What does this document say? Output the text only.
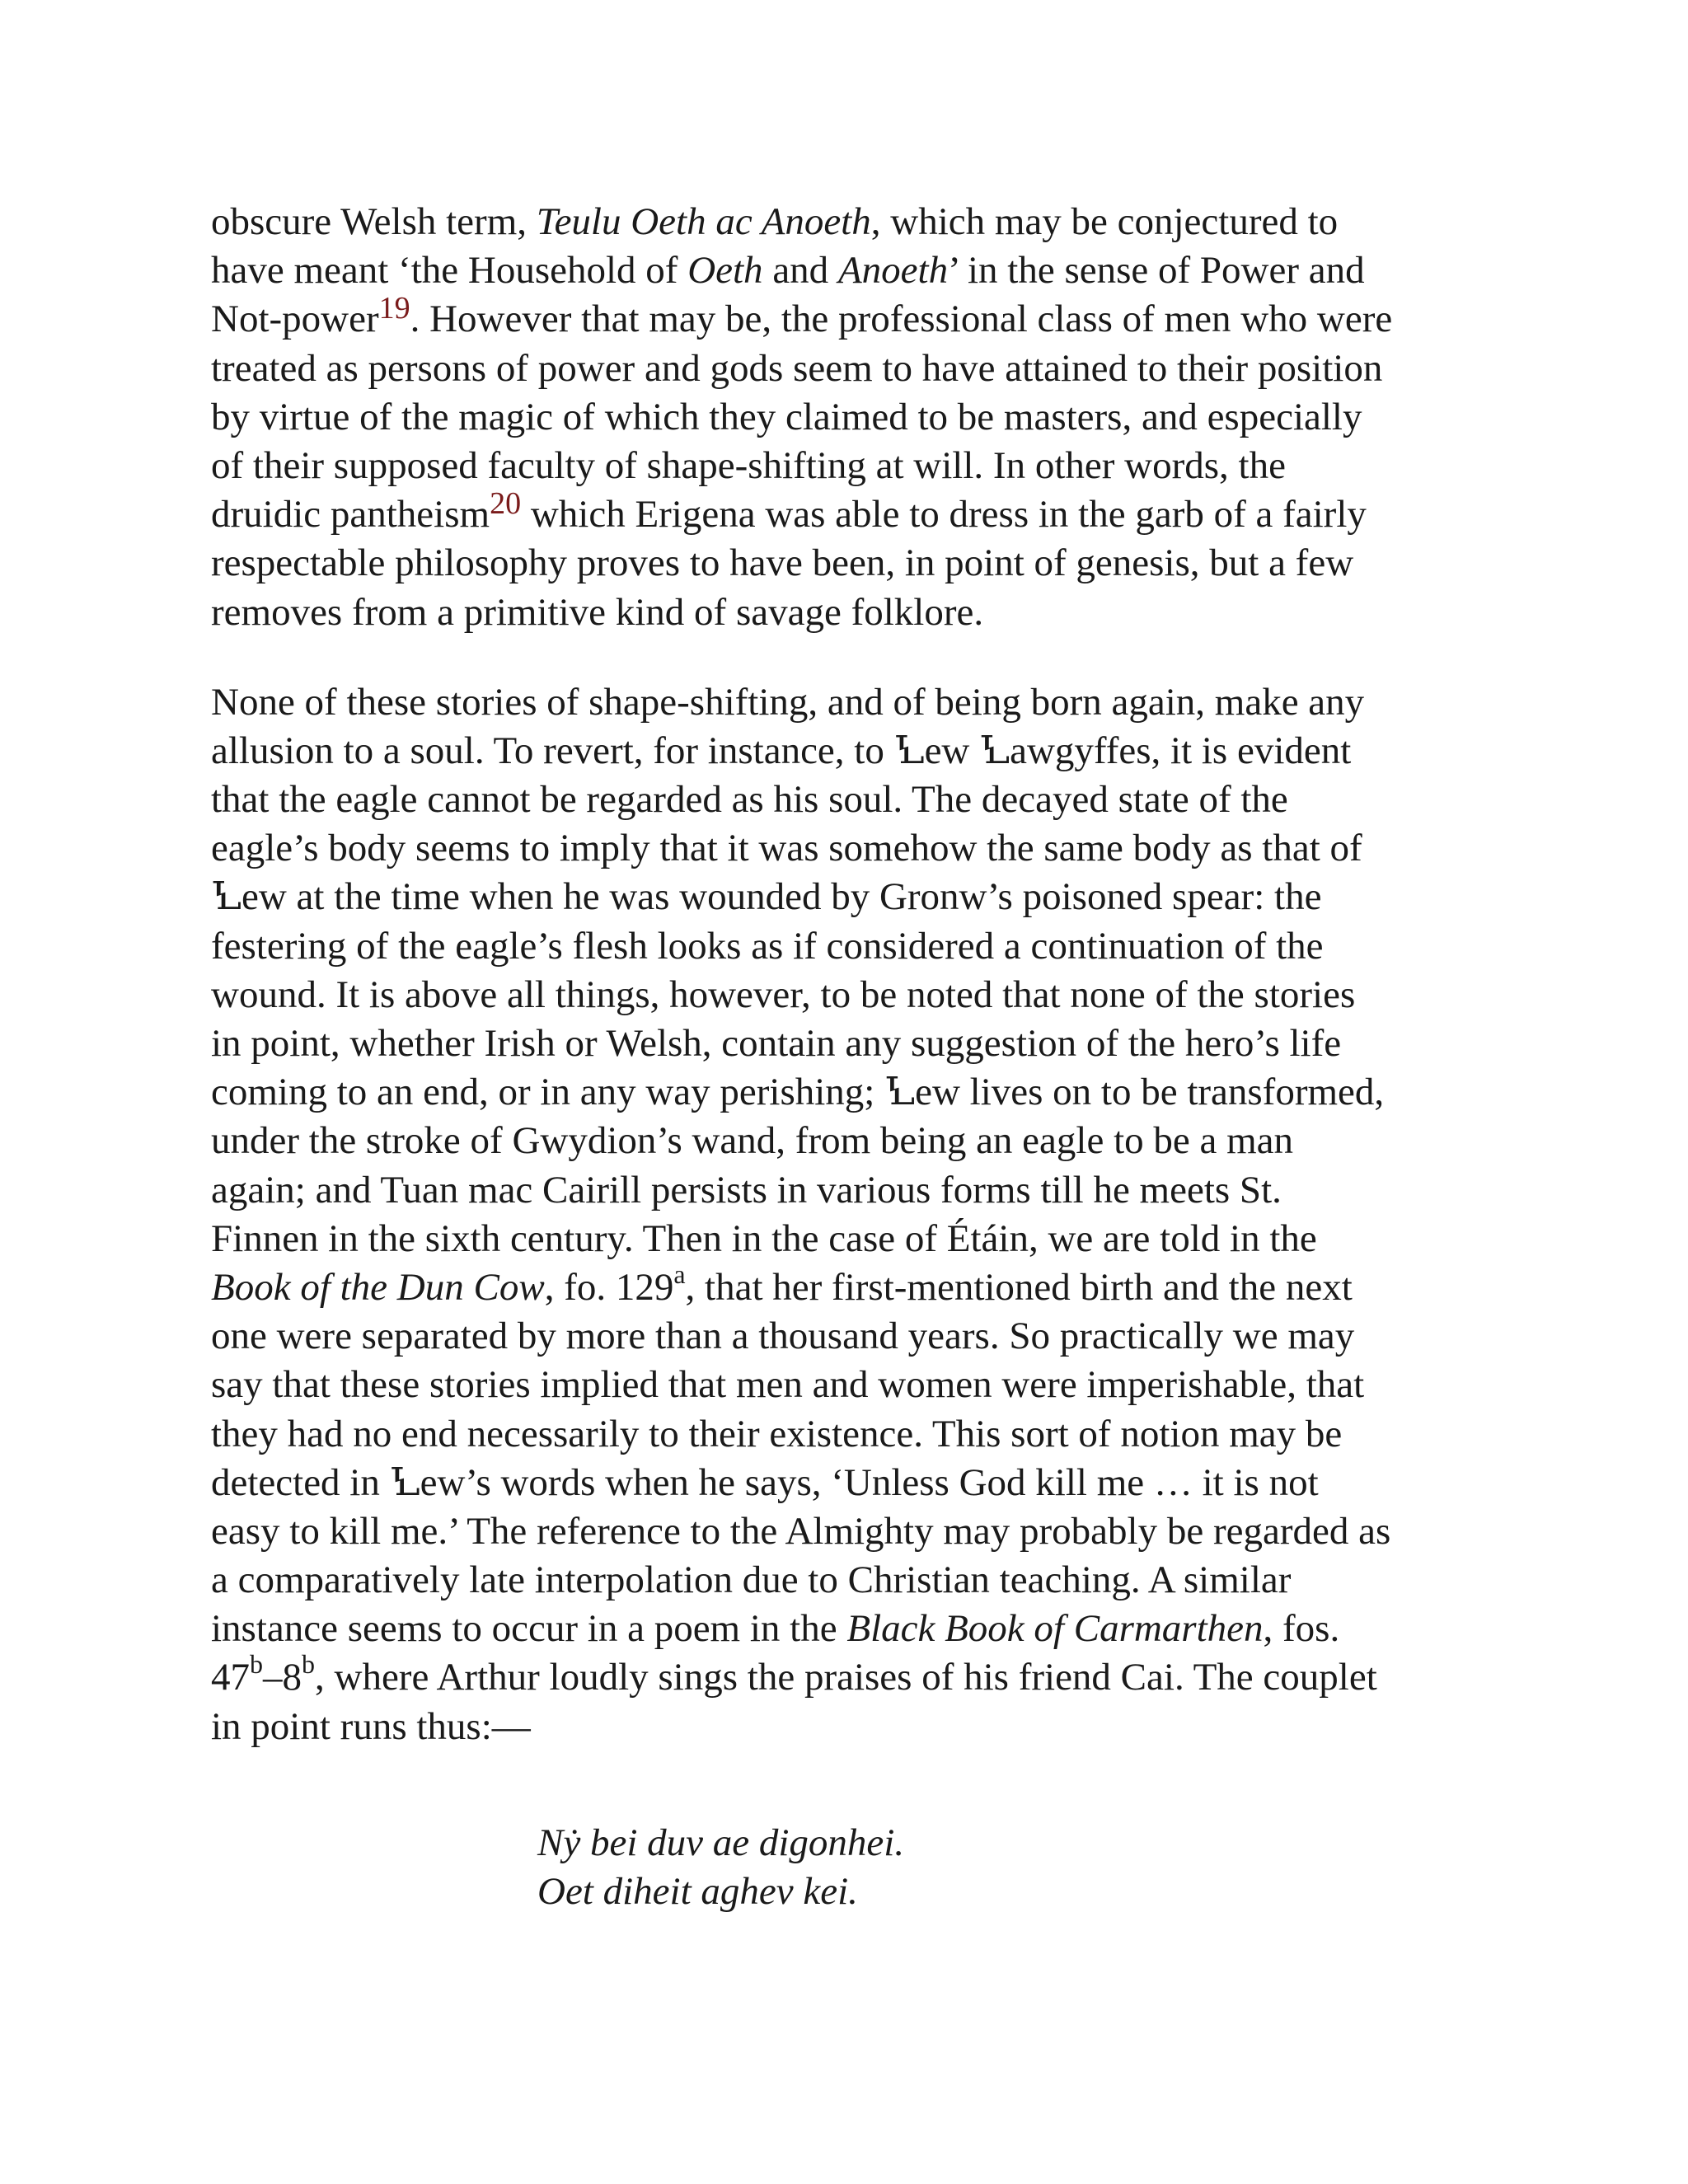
obscure Welsh term, Teulu Oeth ac Anoeth, which may be conjectured to
have meant ‘the Household of Oeth and Anoeth’ in the sense of Power and
Not-power$^{19}$. However that may be, the professional class of men who were
treated as persons of power and gods seem to have attained to their position
by virtue of the magic of which they claimed to be masters, and especially
of their supposed faculty of shape-shifting at will. In other words, the
druidic pantheism$^{20}$ which Erigena was able to dress in the garb of a fairly
respectable philosophy proves to have been, in point of genesis, but a few
removes from a primitive kind of savage folklore.
None of these stories of shape-shifting, and of being born again, make any
allusion to a soul. To revert, for instance, to Ꝇew Ꝇawgyffes, it is evident
that the eagle cannot be regarded as his soul. The decayed state of the
eagle’s body seems to imply that it was somehow the same body as that of
Ꝇew at the time when he was wounded by Gronw’s poisoned spear: the
festering of the eagle’s flesh looks as if considered a continuation of the
wound. It is above all things, however, to be noted that none of the stories
in point, whether Irish or Welsh, contain any suggestion of the hero’s life
coming to an end, or in any way perishing; Ꝇew lives on to be transformed,
under the stroke of Gwydion’s wand, from being an eagle to be a man
again; and Tuan mac Cairill persists in various forms till he meets St.
Finnen in the sixth century. Then in the case of Étáin, we are told in the
Book of the Dun Cow, fo. 129$^a$, that her first-mentioned birth and the next
one were separated by more than a thousand years. So practically we may
say that these stories implied that men and women were imperishable, that
they had no end necessarily to their existence. This sort of notion may be
detected in Ꝇew’s words when he says, ‘Unless God kill me … it is not
easy to kill me.’ The reference to the Almighty may probably be regarded as
a comparatively late interpolation due to Christian teaching. A similar
instance seems to occur in a poem in the Black Book of Carmarthen, fos.
47$^b$–8$^b$, where Arthur loudly sings the praises of his friend Cai. The couplet
in point runs thus:—
Nẏ bei duv ae digonhei.
Oet diheit aghev kei.
